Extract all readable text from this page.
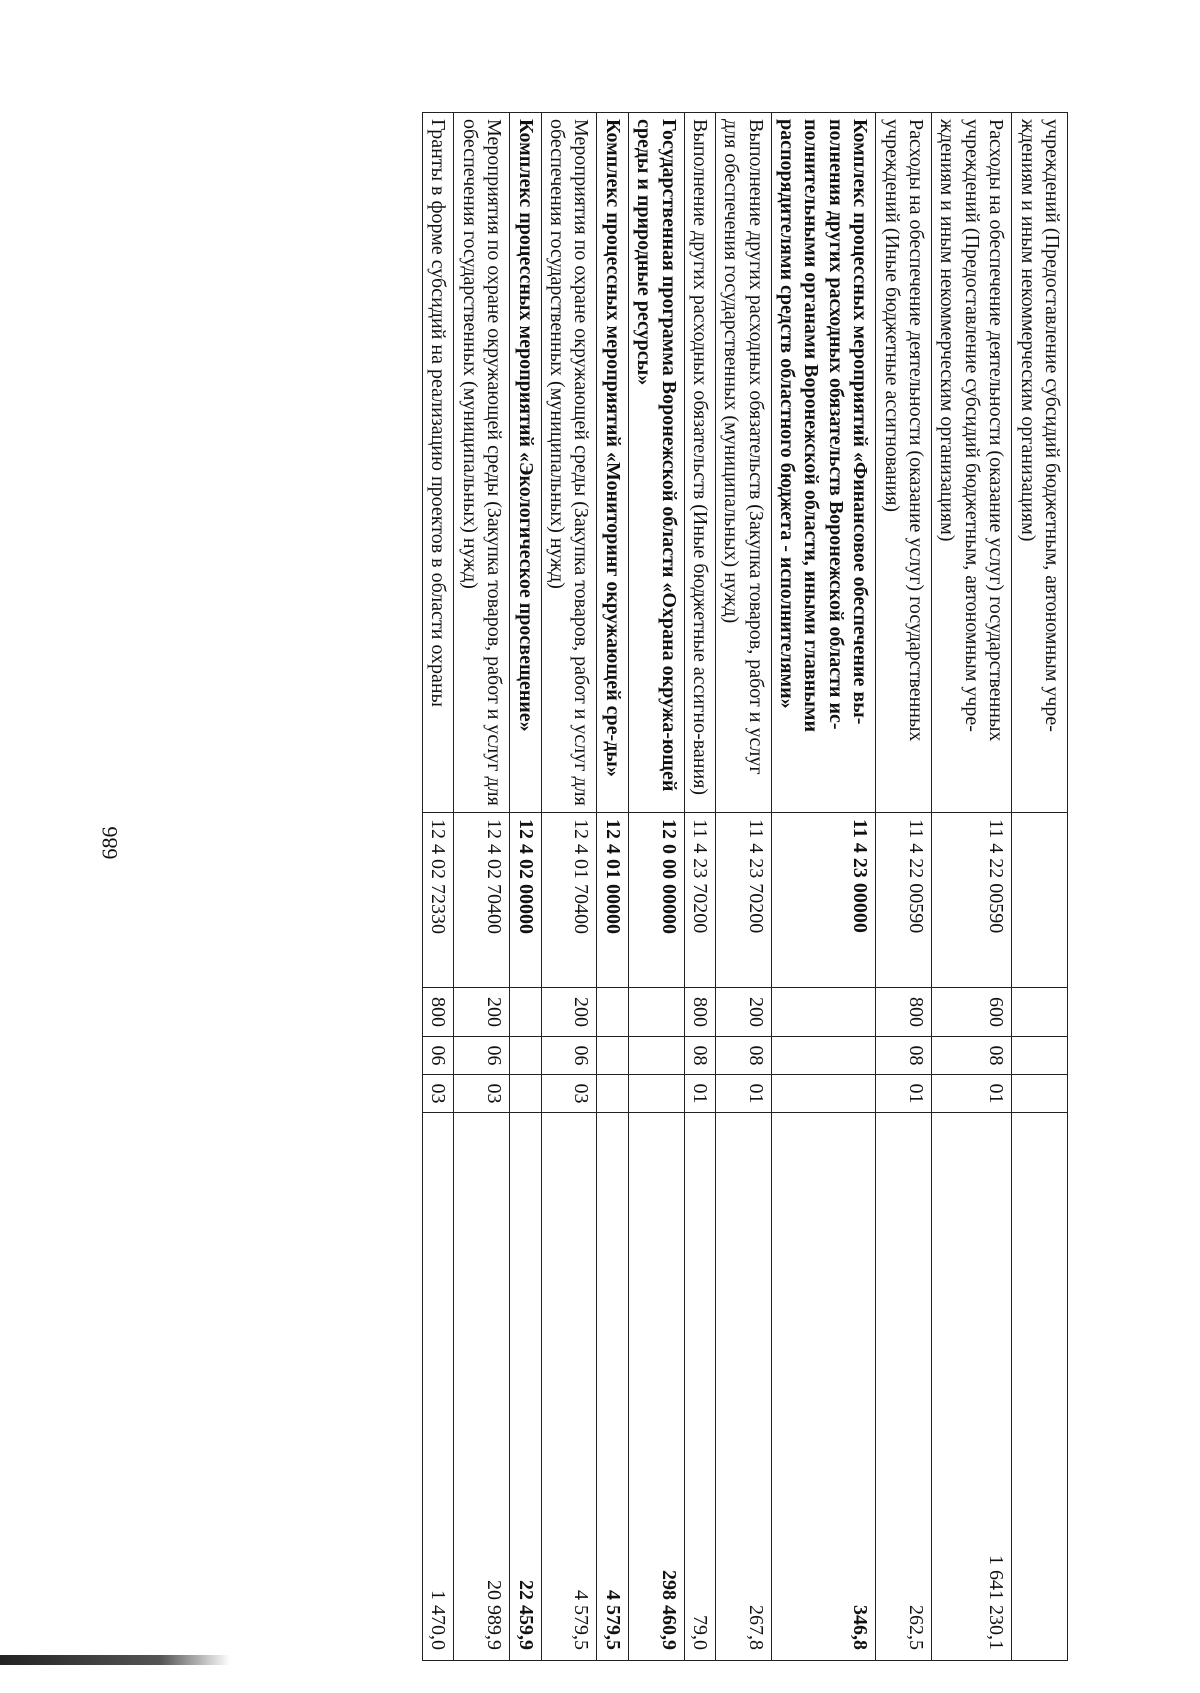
686
учреждений (Предоставление субсидий бюджетным, автономным учре-ждениям и иным некоммерческим организациям)					
Расходы на обеспечение деятельности (оказание услуг) государственных учреждений (Предоставление субсидий бюджетным, автономным учре-ждениям и иным некоммерческим организациям)	11 4 22 00590	600	08	01	1 641 230,1
Расходы на обеспечение деятельности (оказание услуг) государственных учреждений (Иные бюджетные ассигнования)	11 4 22 00590	800	08	01	262,5
Комплекс процессных мероприятий «Финансовое обеспечение вы-полнения других расходных обязательств Воронежской области ис-полнительными органами Воронежской области, иными главными распорядителями средств областного бюджета - исполнителями»	11 4 23 00000				346,8
Выполнение других расходных обязательств (Закупка товаров, работ и услуг для обеспечения государственных (муниципальных) нужд)	11 4 23 70200	200	08	01	267,8
Выполнение других расходных обязательств (Иные бюджетные ассигно-вания)	11 4 23 70200	800	08	01	79,0
Государственная программа Воронежской области «Охрана окружа-ющей среды и природные ресурсы»	12 0 00 00000				298 460,9
Комплекс процессных мероприятий «Мониторинг окружающей сре-ды»	12 4 01 00000				4 579,5
Мероприятия по охране окружающей среды (Закупка товаров, работ и услуг для обеспечения государственных (муниципальных) нужд)	12 4 01 70400	200	06	03	4 579,5
Комплекс процессных мероприятий «Экологическое просвещение»	12 4 02 00000				22 459,9
Мероприятия по охране окружающей среды (Закупка товаров, работ и услуг для обеспечения государственных (муниципальных) нужд)	12 4 02 70400	200	06	03	20 989,9
Гранты в форме субсидий на реализацию проектов в области охраны	12 4 02 72330	800	06	03	1 470,0
